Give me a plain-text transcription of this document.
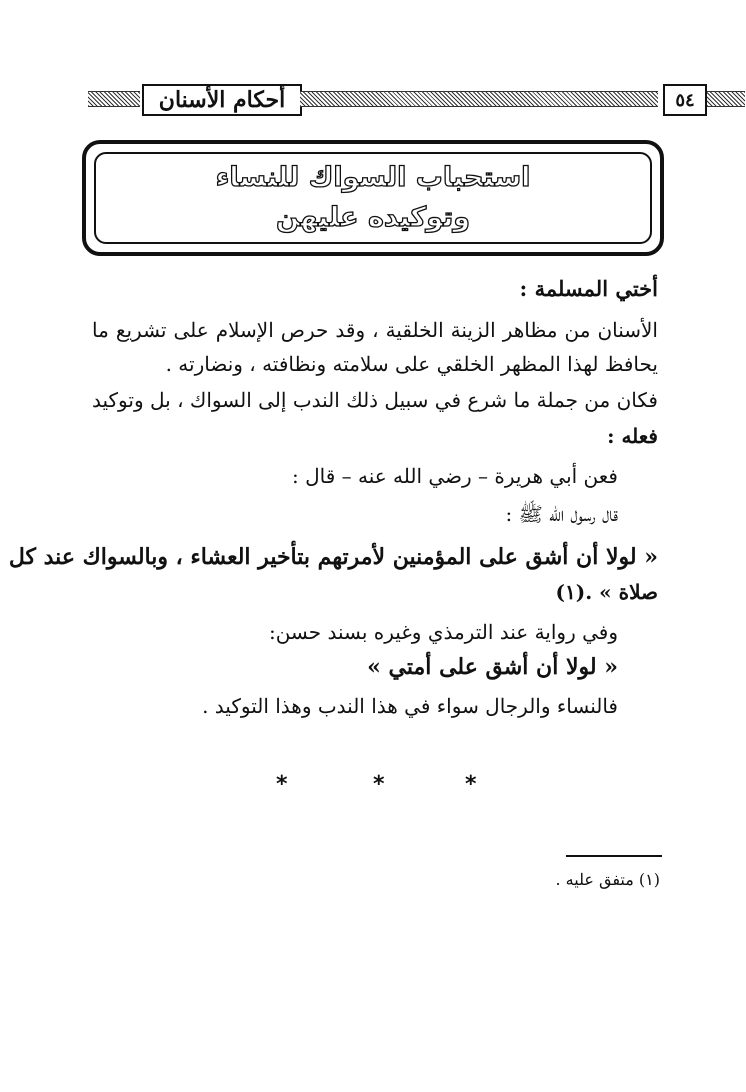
أحكام الأسنان	٥٤
استحباب السواك للنساء
وتوكيده عليهن
أختي المسلمة :
الأسنان من مظاهر الزينة الخلقية ، وقد حرص الإسلام على تشريع ما
يحافظ لهذا المظهر الخلقي على سلامته ونظافته ، ونضارته .
فكان من جملة ما شرع في سبيل ذلك الندب إلى السواك ، بل وتوكيد
فعله :
فعن أبي هريرة – رضي الله عنه – قال :
قال رسول الله ﷺ :
« لولا أن أشق على المؤمنين لأمرتهم بتأخير العشاء ، وبالسواك عند كل
صلاة » .(١)
وفي رواية عند الترمذي وغيره بسند حسن:
« لولا أن أشق على أمتي »
فالنساء والرجال سواء في هذا الندب وهذا التوكيد .
*	*	*
(١) متفق عليه .
